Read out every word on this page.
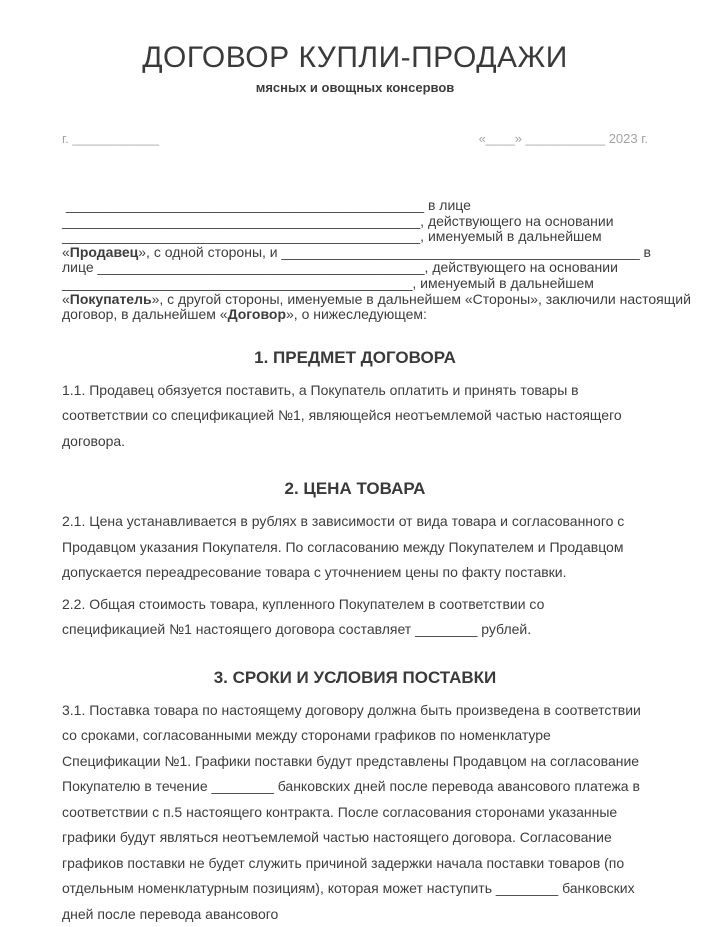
ДОГОВОР КУПЛИ-ПРОДАЖИ
мясных и овощных консервов
г. ____________	«____» ___________ 2023 г.
______________________________________________ в лице
______________________________________________, действующего на основании
______________________________________________, именуемый в дальнейшем
«Продавец», с одной стороны, и ______________________________________________ в
лице __________________________________________, действующего на основании
_____________________________________________, именуемый в дальнейшем
«Покупатель», с другой стороны, именуемые в дальнейшем «Стороны», заключили настоящий
договор, в дальнейшем «Договор», о нижеследующем:
1. ПРЕДМЕТ ДОГОВОРА

1.1. Продавец обязуется поставить, а Покупатель оплатить и принять товары в соответствии со спецификацией №1, являющейся неотъемлемой частью настоящего договора.

2. ЦЕНА ТОВАРА

2.1. Цена устанавливается в рублях в зависимости от вида товара и согласованного с Продавцом указания Покупателя. По согласованию между Покупателем и Продавцом допускается переадресование товара с уточнением цены по факту поставки.

2.2. Общая стоимость товара, купленного Покупателем в соответствии со спецификацией №1 настоящего договора составляет ________ рублей.

3. СРОКИ И УСЛОВИЯ ПОСТАВКИ

3.1. Поставка товара по настоящему договору должна быть произведена в соответствии со сроками, согласованными между сторонами графиков по номенклатуре Спецификации №1. Графики поставки будут представлены Продавцом на согласование Покупателю в течение ________ банковских дней после перевода авансового платежа в соответствии с п.5 настоящего контракта. После согласования сторонами указанные графики будут являться неотъемлемой частью настоящего договора. Согласование графиков поставки не будет служить причиной задержки начала поставки товаров (по отдельным номенклатурным позициям), которая может наступить ________ банковских дней после перевода авансового
